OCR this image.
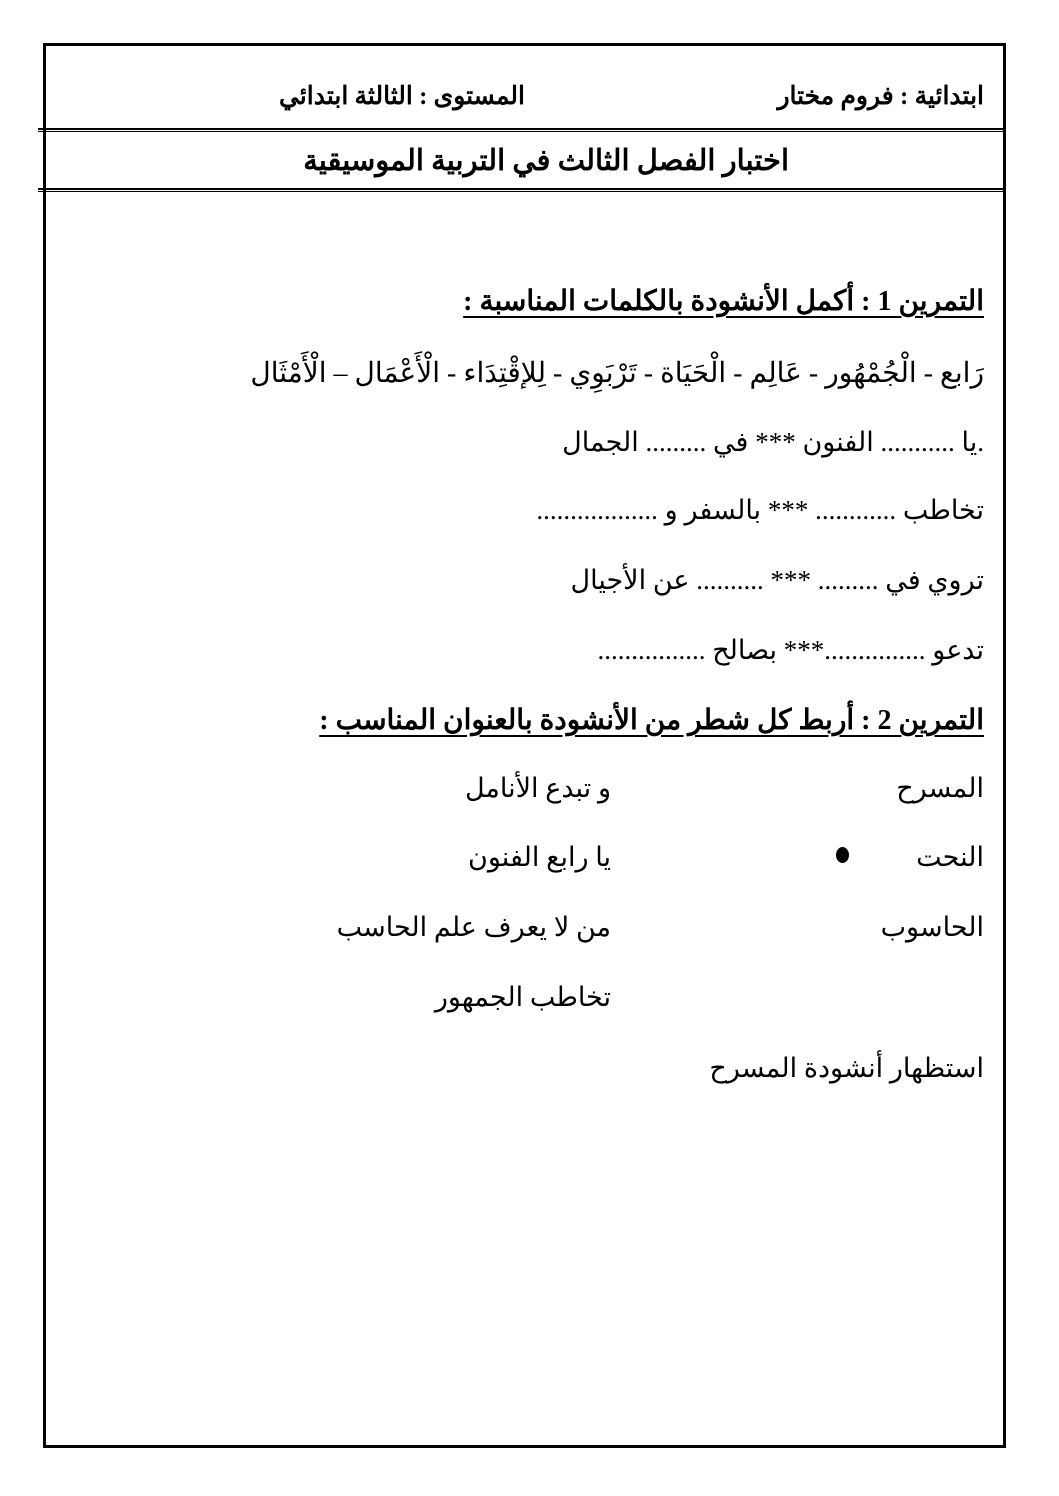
ابتدائية : فروم مختار
المستوى : الثالثة ابتدائي
اختبار الفصل الثالث في التربية الموسيقية
التمرين 1 : أكمل الأنشودة بالكلمات المناسبة :
رَابع - الْجُمْهُور - عَالِم - الْحَيَاة - تَرْبَوِي - لِلإقْتِدَاء - الْأَعْمَال – الْأَمْثَال
.يا ........... الفنون *** في ......... الجمال
تخاطب ............ *** بالسفر و ..................
تروي في ......... *** .......... عن الأجيال
تدعو ...............*** بصالح ................
التمرين 2 : أربط كل شطر من الأنشودة بالعنوان المناسب :
المسرح
النحت
الحاسوب
و تبدع الأنامل
يا رابع الفنون
من لا يعرف علم الحاسب
تخاطب الجمهور
استظهار أنشودة المسرح
